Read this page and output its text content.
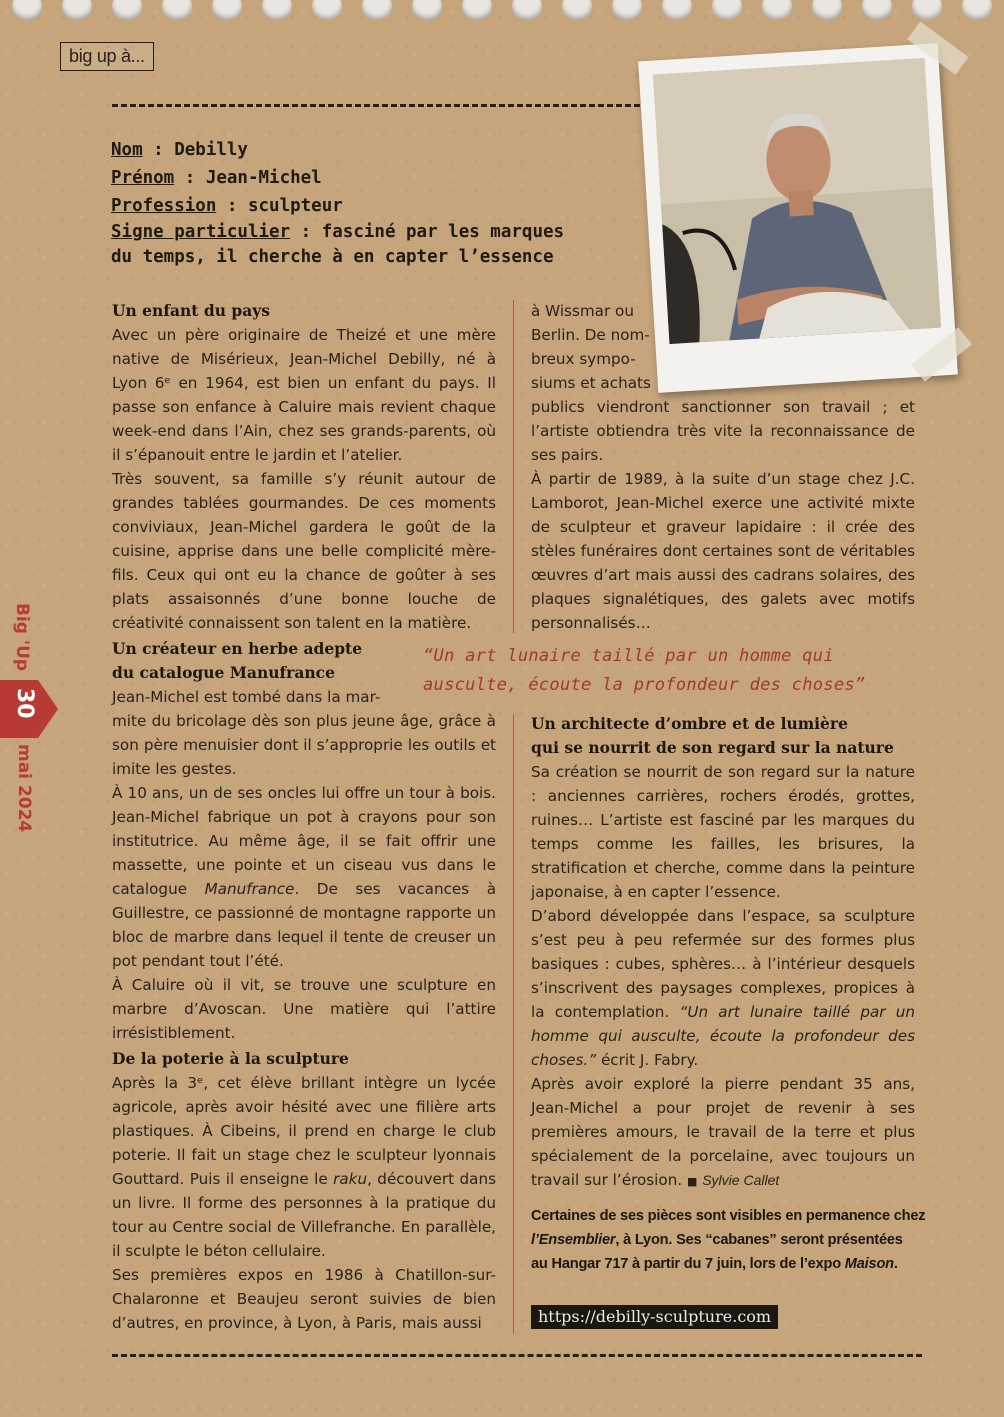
big up à...
Nom : Debilly
Prénom : Jean-Michel
Profession : sculpteur
Signe particulier : fasciné par les marques
du temps, il cherche à en capter l’essence
Big 'Up
30
mai 2024
Un enfant du pays

Avec un père originaire de Theizé et une mère native de Misérieux, Jean-Michel Debilly, né à Lyon 6ᵉ en 1964, est bien un enfant du pays. Il passe son enfance à Caluire mais revient chaque week-end dans l’Ain, chez ses grands-parents, où il s’épanouit entre le jardin et l’atelier.

Très souvent, sa famille s’y réunit autour de grandes tablées gourmandes. De ces moments conviviaux, Jean-Michel gardera le goût de la cuisine, apprise dans une belle complicité mère-fils. Ceux qui ont eu la chance de goûter à ses plats assaisonnés d’une bonne louche de créativité connaissent son talent en la matière.

Un créateur en herbe adepte
du catalogue Manufrance

Jean-Michel est tombé dans la mar-

mite du bricolage dès son plus jeune âge, grâce à son père menuisier dont il s’approprie les outils et imite les gestes.

À 10 ans, un de ses oncles lui offre un tour à bois. Jean-Michel fabrique un pot à crayons pour son institutrice. Au même âge, il se fait offrir une massette, une pointe et un ciseau vus dans le catalogue Manufrance. De ses vacances à Guillestre, ce passionné de montagne rapporte un bloc de marbre dans lequel il tente de creuser un pot pendant tout l’été.

À Caluire où il vit, se trouve une sculpture en marbre d’Avoscan. Une matière qui l’attire irrésistiblement.

De la poterie à la sculpture

Après la 3ᵉ, cet élève brillant intègre un lycée agricole, après avoir hésité avec une filière arts plastiques. À Cibeins, il prend en charge le club poterie. Il fait un stage chez le sculpteur lyonnais Gouttard. Puis il enseigne le raku, découvert dans un livre. Il forme des personnes à la pratique du tour au Centre social de Villefranche. En parallèle, il sculpte le béton cellulaire.

Ses premières expos en 1986 à Chatillon-sur-Chalaronne et Beaujeu seront suivies de bien d’autres, en province, à Lyon, à Paris, mais aussi

à Wissmar ou

Berlin. De nom-

breux sympo-

siums et achats

publics viendront sanctionner son travail ; et l’artiste obtiendra très vite la reconnaissance de ses pairs.

À partir de 1989, à la suite d’un stage chez J.C. Lamborot, Jean-Michel exerce une activité mixte de sculpteur et graveur lapidaire : il crée des stèles funéraires dont certaines sont de véritables œuvres d’art mais aussi des cadrans solaires, des plaques signalétiques, des galets avec motifs personnalisés…

“Un art lunaire taillé par un homme qui
ausculte, écoute la profondeur des choses”
Un architecte d’ombre et de lumière
qui se nourrit de son regard sur la nature

Sa création se nourrit de son regard sur la nature : anciennes carrières, rochers érodés, grottes, ruines… L’artiste est fasciné par les marques du temps comme les failles, les brisures, la stratification et cherche, comme dans la peinture japonaise, à en capter l’essence.

D’abord développée dans l’espace, sa sculpture s’est peu à peu refermée sur des formes plus basiques : cubes, sphères… à l’intérieur desquels s’inscrivent des paysages complexes, propices à la contemplation. “Un art lunaire taillé par un homme qui ausculte, écoute la profondeur des choses.” écrit J. Fabry.

Après avoir exploré la pierre pendant 35 ans, Jean-Michel a pour projet de revenir à ses premières amours, le travail de la terre et plus spécialement de la porcelaine, avec toujours un travail sur l’érosion. ■ Sylvie Callet

Certaines de ses pièces sont visibles en permanence chez
l’Ensemblier, à Lyon. Ses “cabanes” seront présentées
au Hangar 717 à partir du 7 juin, lors de l’expo Maison.
https://debilly-sculpture.com
